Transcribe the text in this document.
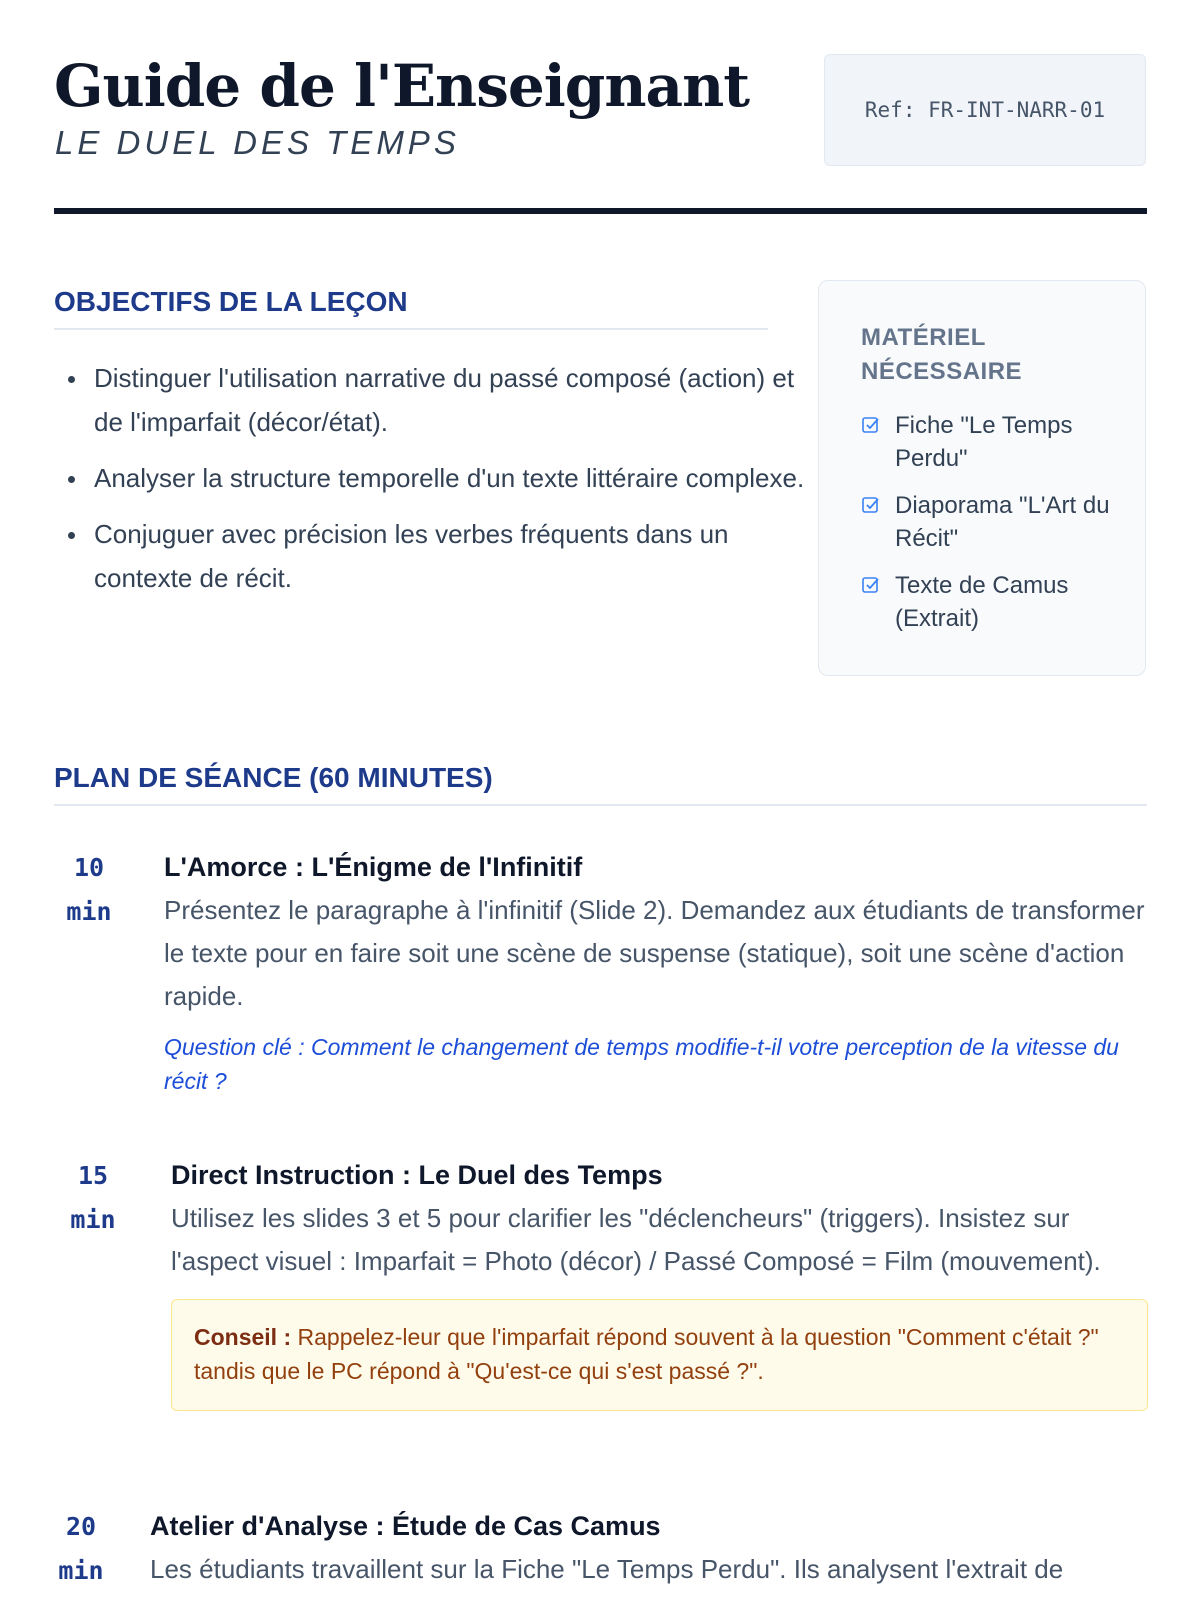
Guide de l'Enseignant
LE DUEL DES TEMPS
Ref: FR-INT-NARR-01
OBJECTIFS DE LA LEÇON
Distinguer l'utilisation narrative du passé composé (action) et de l'imparfait (décor/état).
Analyser la structure temporelle d'un texte littéraire complexe.
Conjuguer avec précision les verbes fréquents dans un contexte de récit.
MATÉRIEL NÉCESSAIRE
Fiche "Le Temps Perdu"
Diaporama "L'Art du Récit"
Texte de Camus (Extrait)
PLAN DE SÉANCE (60 MINUTES)
10
min
L'Amorce : L'Énigme de l'Infinitif

Présentez le paragraphe à l'infinitif (Slide 2). Demandez aux étudiants de transformer le texte pour en faire soit une scène de suspense (statique), soit une scène d'action rapide.

Question clé : Comment le changement de temps modifie-t-il votre perception de la vitesse du récit ?
15
min
Direct Instruction : Le Duel des Temps

Utilisez les slides 3 et 5 pour clarifier les "déclencheurs" (triggers). Insistez sur l'aspect visuel : Imparfait = Photo (décor) / Passé Composé = Film (mouvement).

Conseil : Rappelez-leur que l'imparfait répond souvent à la question "Comment c'était ?" tandis que le PC répond à "Qu'est-ce qui s'est passé ?".
20
min
Atelier d'Analyse : Étude de Cas Camus

Les étudiants travaillent sur la Fiche "Le Temps Perdu". Ils analysent l'extrait de
